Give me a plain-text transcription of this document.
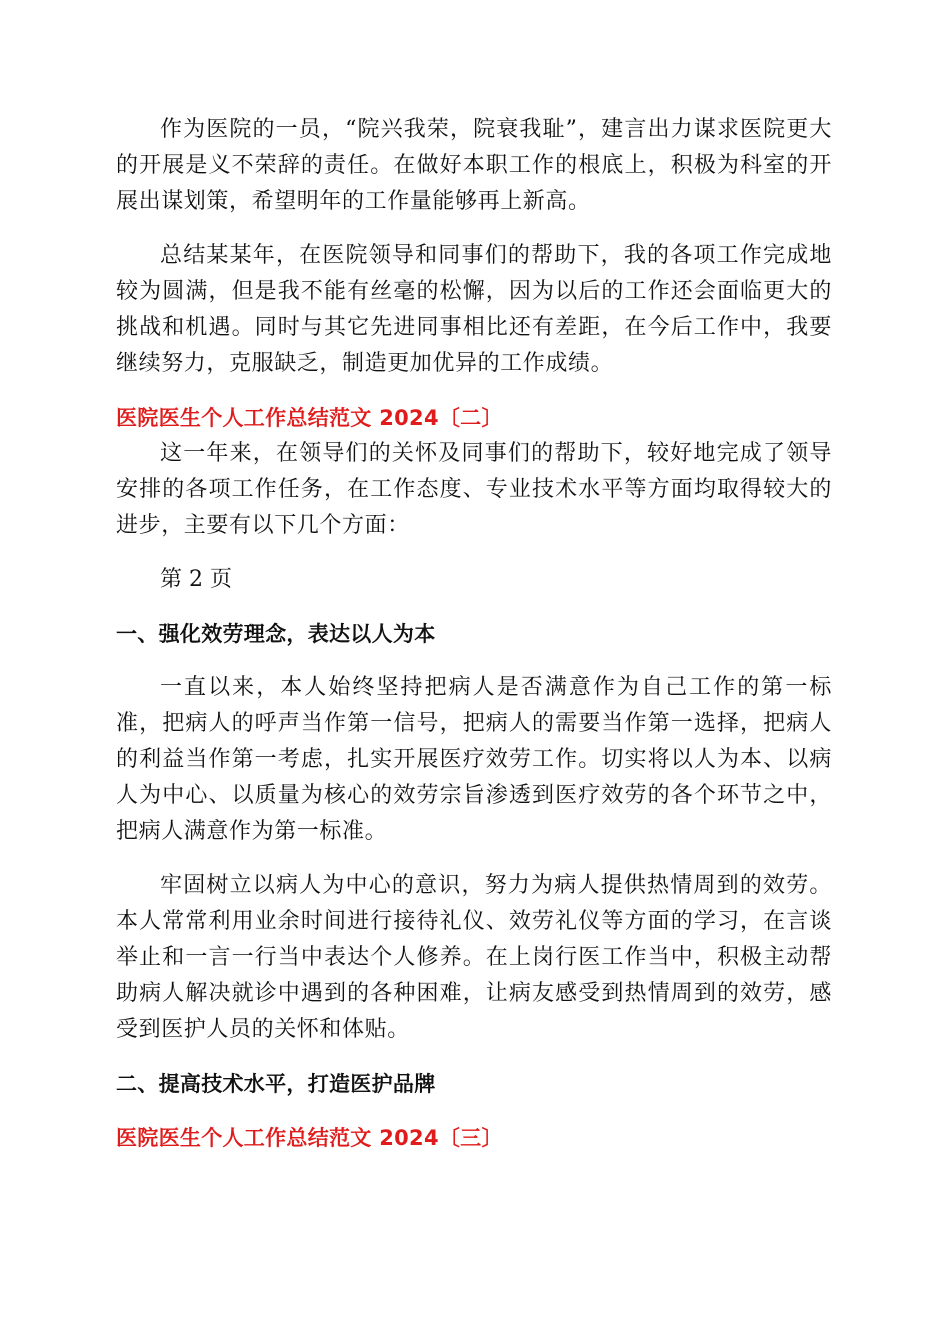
作为医院的一员，“院兴我荣，院衰我耻”，建言出力谋求医院更大的开展是义不荣辞的责任。在做好本职工作的根底上，积极为科室的开展出谋划策，希望明年的工作量能够再上新高。

总结某某年，在医院领导和同事们的帮助下，我的各项工作完成地较为圆满，但是我不能有丝毫的松懈，因为以后的工作还会面临更大的挑战和机遇。同时与其它先进同事相比还有差距，在今后工作中，我要继续努力，克服缺乏，制造更加优异的工作成绩。

医院医生个人工作总结范文 2024〔二〕

这一年来，在领导们的关怀及同事们的帮助下，较好地完成了领导安排的各项工作任务，在工作态度、专业技术水平等方面均取得较大的进步，主要有以下几个方面：

第 2 页

一、强化效劳理念，表达以人为本

一直以来，本人始终坚持把病人是否满意作为自己工作的第一标准，把病人的呼声当作第一信号，把病人的需要当作第一选择，把病人的利益当作第一考虑，扎实开展医疗效劳工作。切实将以人为本、以病人为中心、以质量为核心的效劳宗旨渗透到医疗效劳的各个环节之中，把病人满意作为第一标准。

牢固树立以病人为中心的意识，努力为病人提供热情周到的效劳。本人常常利用业余时间进行接待礼仪、效劳礼仪等方面的学习，在言谈举止和一言一行当中表达个人修养。在上岗行医工作当中，积极主动帮助病人解决就诊中遇到的各种困难，让病友感受到热情周到的效劳，感受到医护人员的关怀和体贴。

二、提高技术水平，打造医护品牌
医院医生个人工作总结范文 2024〔三〕
